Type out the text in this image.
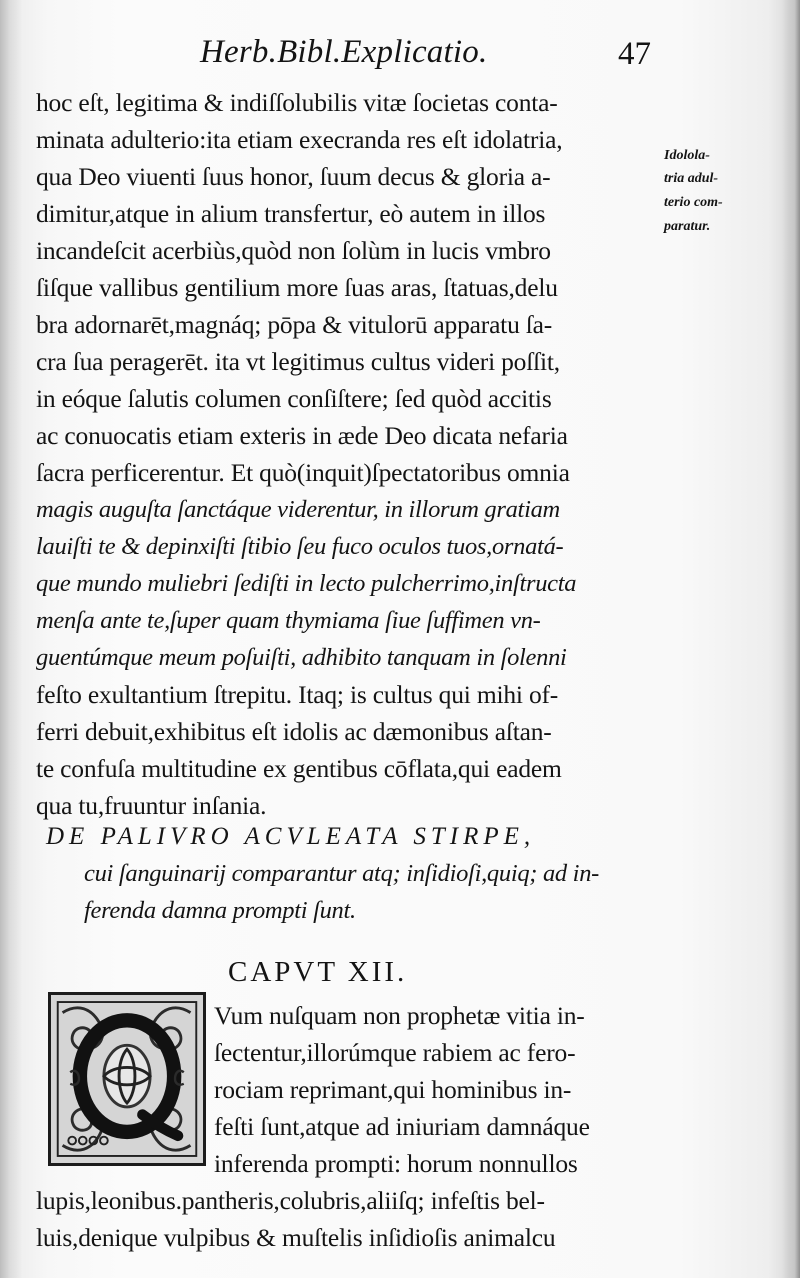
Herb.Bibl.Explicatio.	47
hoc eſt, legitima & indiſſolubilis vitæ ſocietas conta-
minata adulterio:ita etiam execranda res eſt idolatria,
qua Deo viuenti ſuus honor, ſuum decus & gloria a-
dimitur,atque in alium transfertur, eò autem in illos
incandeſcit acerbiùs,quòd non ſolùm in lucis vmbro
ſiſque vallibus gentilium more ſuas aras, ſtatuas,delu
bra adornarēt,magnáq; pōpa & vitulorū apparatu ſa-
cra ſua peragerēt. ita vt legitimus cultus videri poſſit,
in eóque ſalutis columen conſiſtere; ſed quòd accitis
ac conuocatis etiam exteris in æde Deo dicata nefaria
ſacra perficerentur. Et quò(inquit)ſpectatoribus omnia
magis auguſta ſanctáque viderentur, in illorum gratiam
lauiſti te & depinxiſti ſtibio ſeu fuco oculos tuos,ornatá-
que mundo muliebri ſediſti in lecto pulcherrimo,inſtructa
menſa ante te,ſuper quam thymiama ſiue ſuffimen vn-
guentúmque meum poſuiſti, adhibito tanquam in ſolenni
feſto exultantium ſtrepitu. Itaq; is cultus qui mihi of-
ferri debuit,exhibitus eſt idolis ac dæmonibus aſtan-
te confuſa multitudine ex gentibus cōflata,qui eadem
qua tu,fruuntur inſania.
Idolola-
tria adul-
terio com-
paratur.
DE PALIVRO ACVLEATA STIRPE,
cui ſanguinarij comparantur atq; inſidioſi,quiq; ad in-
ferenda damna prompti ſunt.
CAPVT XII.
Vum nuſquam non prophetæ vitia in-
ſectentur,illorúmque rabiem ac fero-
rociam reprimant,qui hominibus in-
feſti ſunt,atque ad iniuriam damnáque
inferenda prompti: horum nonnullos
lupis,leonibus.pantheris,colubris,aliiſq; infeſtis bel-
luis,denique vulpibus & muſtelis inſidioſis animalcu
